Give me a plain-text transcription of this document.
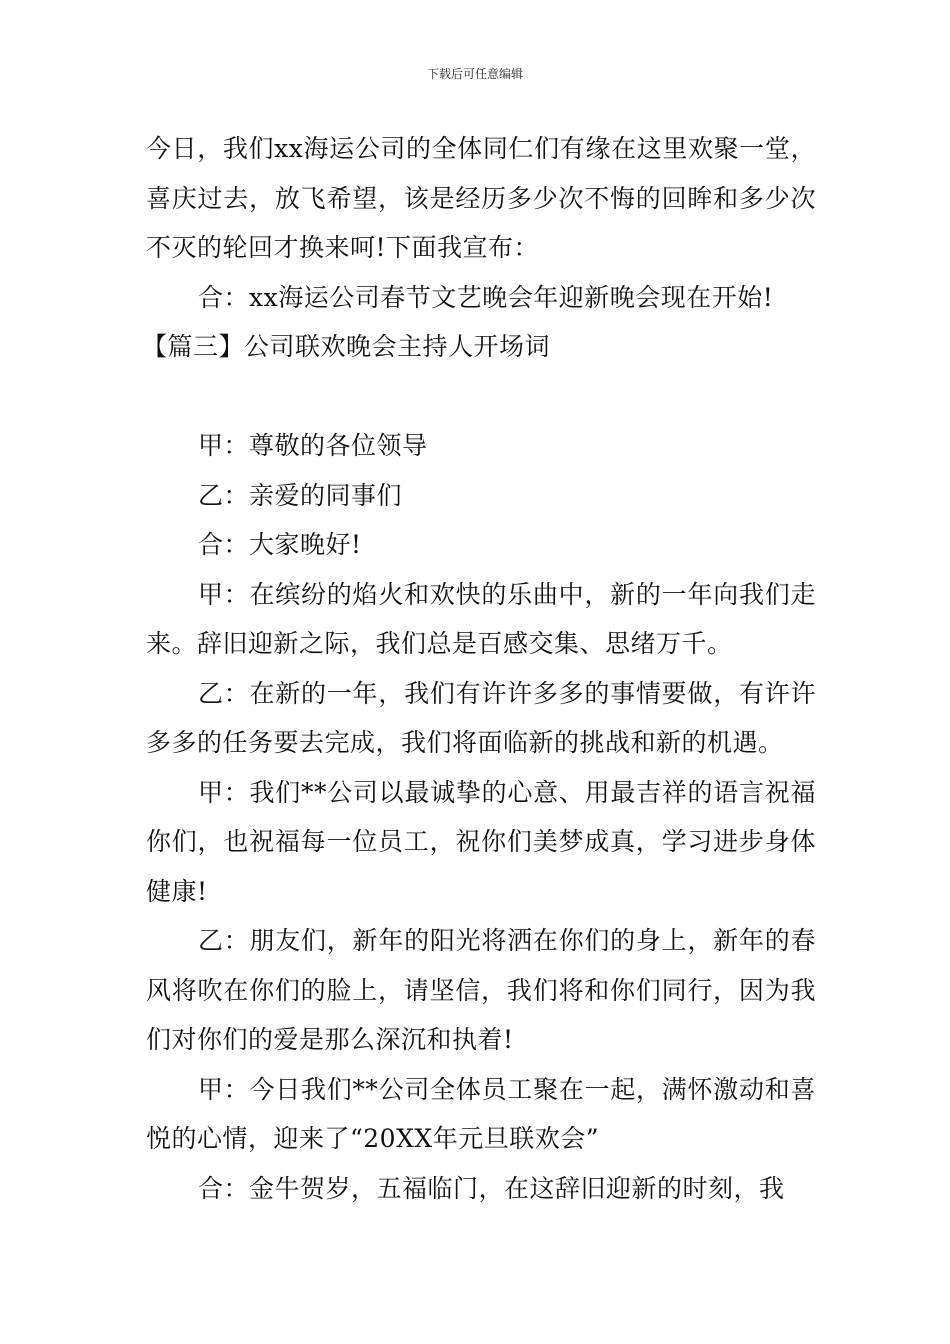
下载后可任意编辑

今日，我们xx海运公司的全体同仁们有缘在这里欢聚一堂，喜庆过去，放飞希望，该是经历多少次不悔的回眸和多少次不灭的轮回才换来呵!下面我宣布：

合：xx海运公司春节文艺晚会年迎新晚会现在开始!

【篇三】公司联欢晚会主持人开场词

甲：尊敬的各位领导

乙：亲爱的同事们

合：大家晚好!

甲：在缤纷的焰火和欢快的乐曲中，新的一年向我们走来。辞旧迎新之际，我们总是百感交集、思绪万千。

乙：在新的一年，我们有许许多多的事情要做，有许许多多的任务要去完成，我们将面临新的挑战和新的机遇。

甲：我们**公司以最诚挚的心意、用最吉祥的语言祝福你们，也祝福每一位员工，祝你们美梦成真，学习进步身体健康!

乙：朋友们，新年的阳光将洒在你们的身上，新年的春风将吹在你们的脸上，请坚信，我们将和你们同行，因为我们对你们的爱是那么深沉和执着!

甲：今日我们**公司全体员工聚在一起，满怀激动和喜悦的心情，迎来了“20XX年元旦联欢会”

合：金牛贺岁，五福临门，在这辞旧迎新的时刻，我
